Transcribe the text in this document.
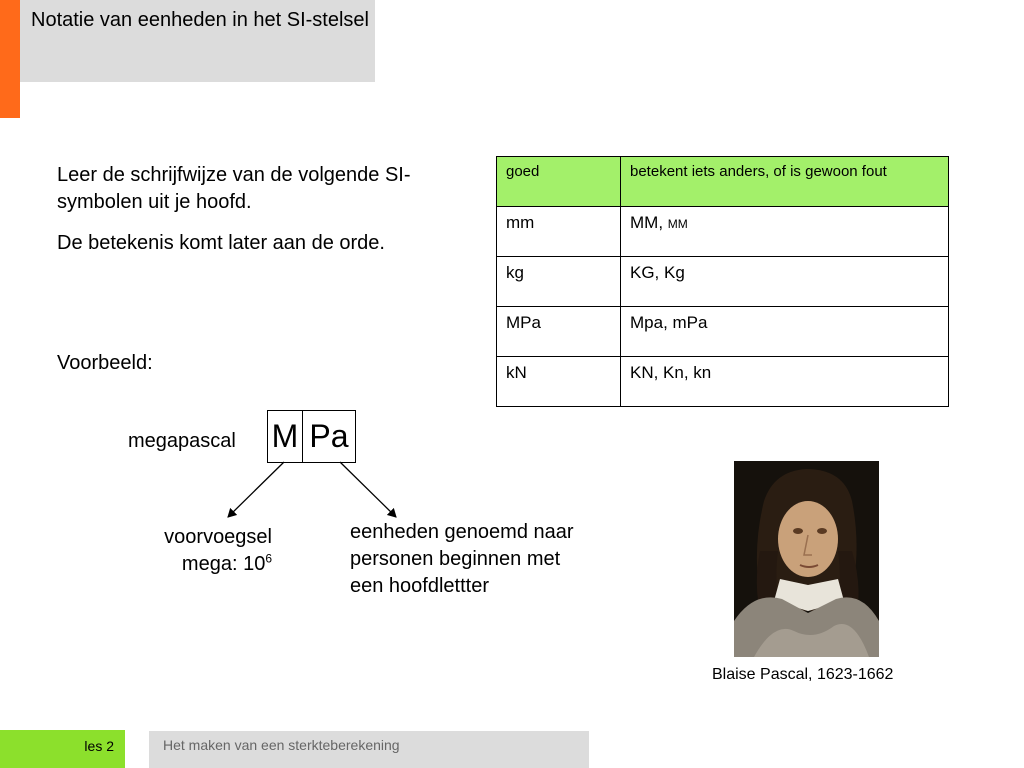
Notatie van eenheden in het SI-stelsel

Leer de schrijfwijze van de volgende SI-symbolen uit je hoofd.

De betekenis komt later aan de orde.

Voorbeeld:
megapascal M Pa
voorvoegsel
mega: $10^6$
eenheden genoemd naar personen beginnen met een hoofdlettter
goed	betekent iets anders, of is gewoon fout
mm	MM, MM
kg	KG, Kg
MPa	Mpa, mPa
kN	KN, Kn, kn
Blaise Pascal, 1623-1662
les 2	Het maken van een sterkteberekening
